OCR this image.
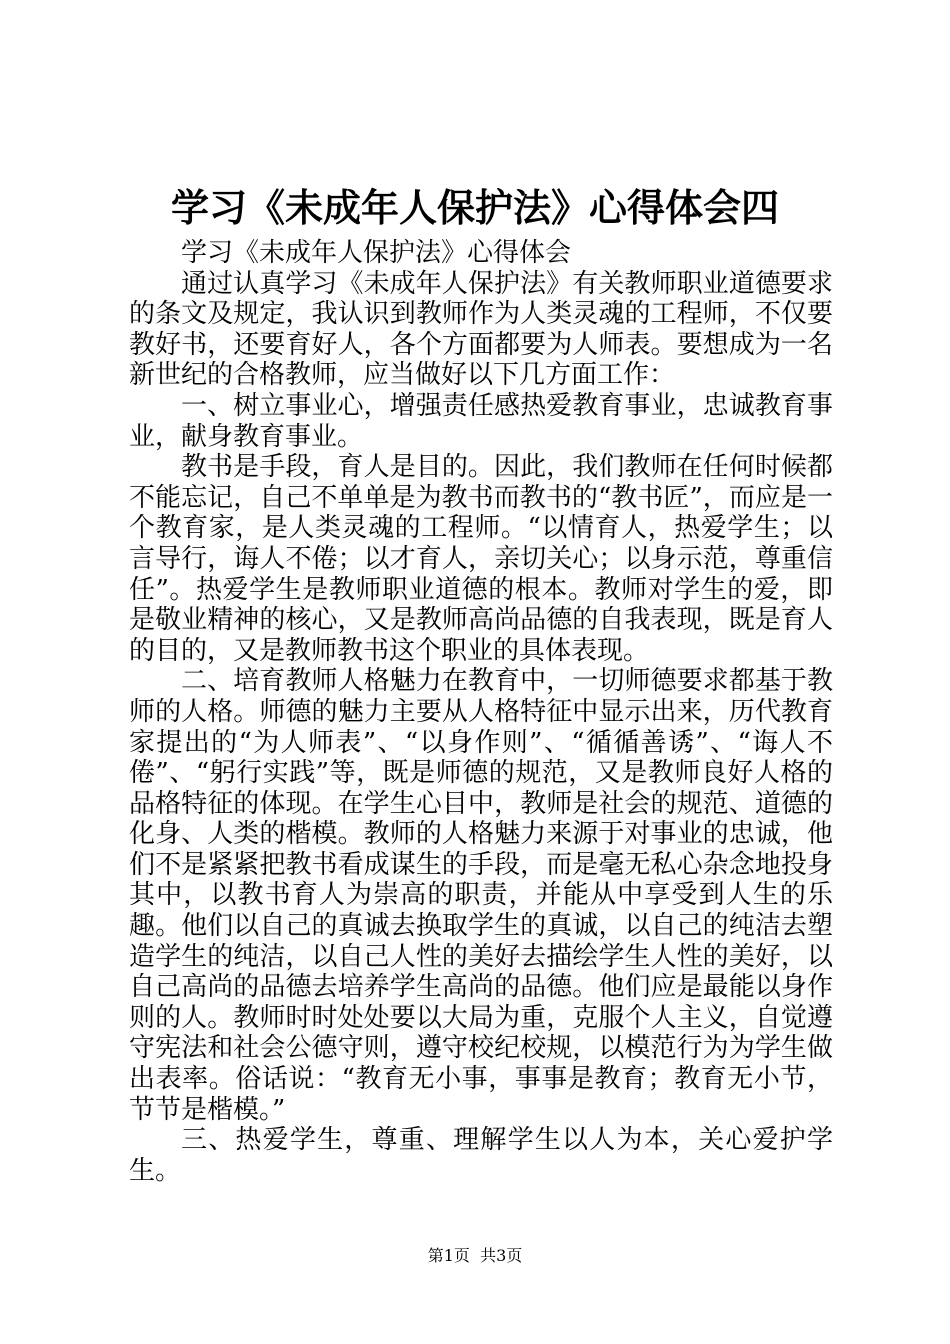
学习《未成年人保护法》心得体会四

学习《未成年人保护法》心得体会

通过认真学习《未成年人保护法》有关教师职业道德要求的条文及规定，我认识到教师作为人类灵魂的工程师，不仅要教好书，还要育好人，各个方面都要为人师表。要想成为一名新世纪的合格教师，应当做好以下几方面工作：

一、树立事业心，增强责任感热爱教育事业，忠诚教育事业，献身教育事业。

教书是手段，育人是目的。因此，我们教师在任何时候都不能忘记，自己不单单是为教书而教书的“教书匠”，而应是一个教育家，是人类灵魂的工程师。“以情育人，热爱学生；以言导行，诲人不倦；以才育人，亲切关心；以身示范，尊重信任”。热爱学生是教师职业道德的根本。教师对学生的爱，即是敬业精神的核心，又是教师高尚品德的自我表现，既是育人的目的，又是教师教书这个职业的具体表现。

二、培育教师人格魅力在教育中，一切师德要求都基于教师的人格。师德的魅力主要从人格特征中显示出来，历代教育家提出的“为人师表”、“以身作则”、“循循善诱”、“诲人不倦”、“躬行实践”等，既是师德的规范，又是教师良好人格的品格特征的体现。在学生心目中，教师是社会的规范、道德的化身、人类的楷模。教师的人格魅力来源于对事业的忠诚，他们不是紧紧把教书看成谋生的手段，而是毫无私心杂念地投身其中，以教书育人为崇高的职责，并能从中享受到人生的乐趣。他们以自己的真诚去换取学生的真诚，以自己的纯洁去塑造学生的纯洁，以自己人性的美好去描绘学生人性的美好，以自己高尚的品德去培养学生高尚的品德。他们应是最能以身作则的人。教师时时处处要以大局为重，克服个人主义，自觉遵守宪法和社会公德守则，遵守校纪校规，以模范行为为学生做出表率。俗话说：“教育无小事，事事是教育；教育无小节，节节是楷模。”

三、热爱学生，尊重、理解学生以人为本，关心爱护学生。

第1页  共3页
